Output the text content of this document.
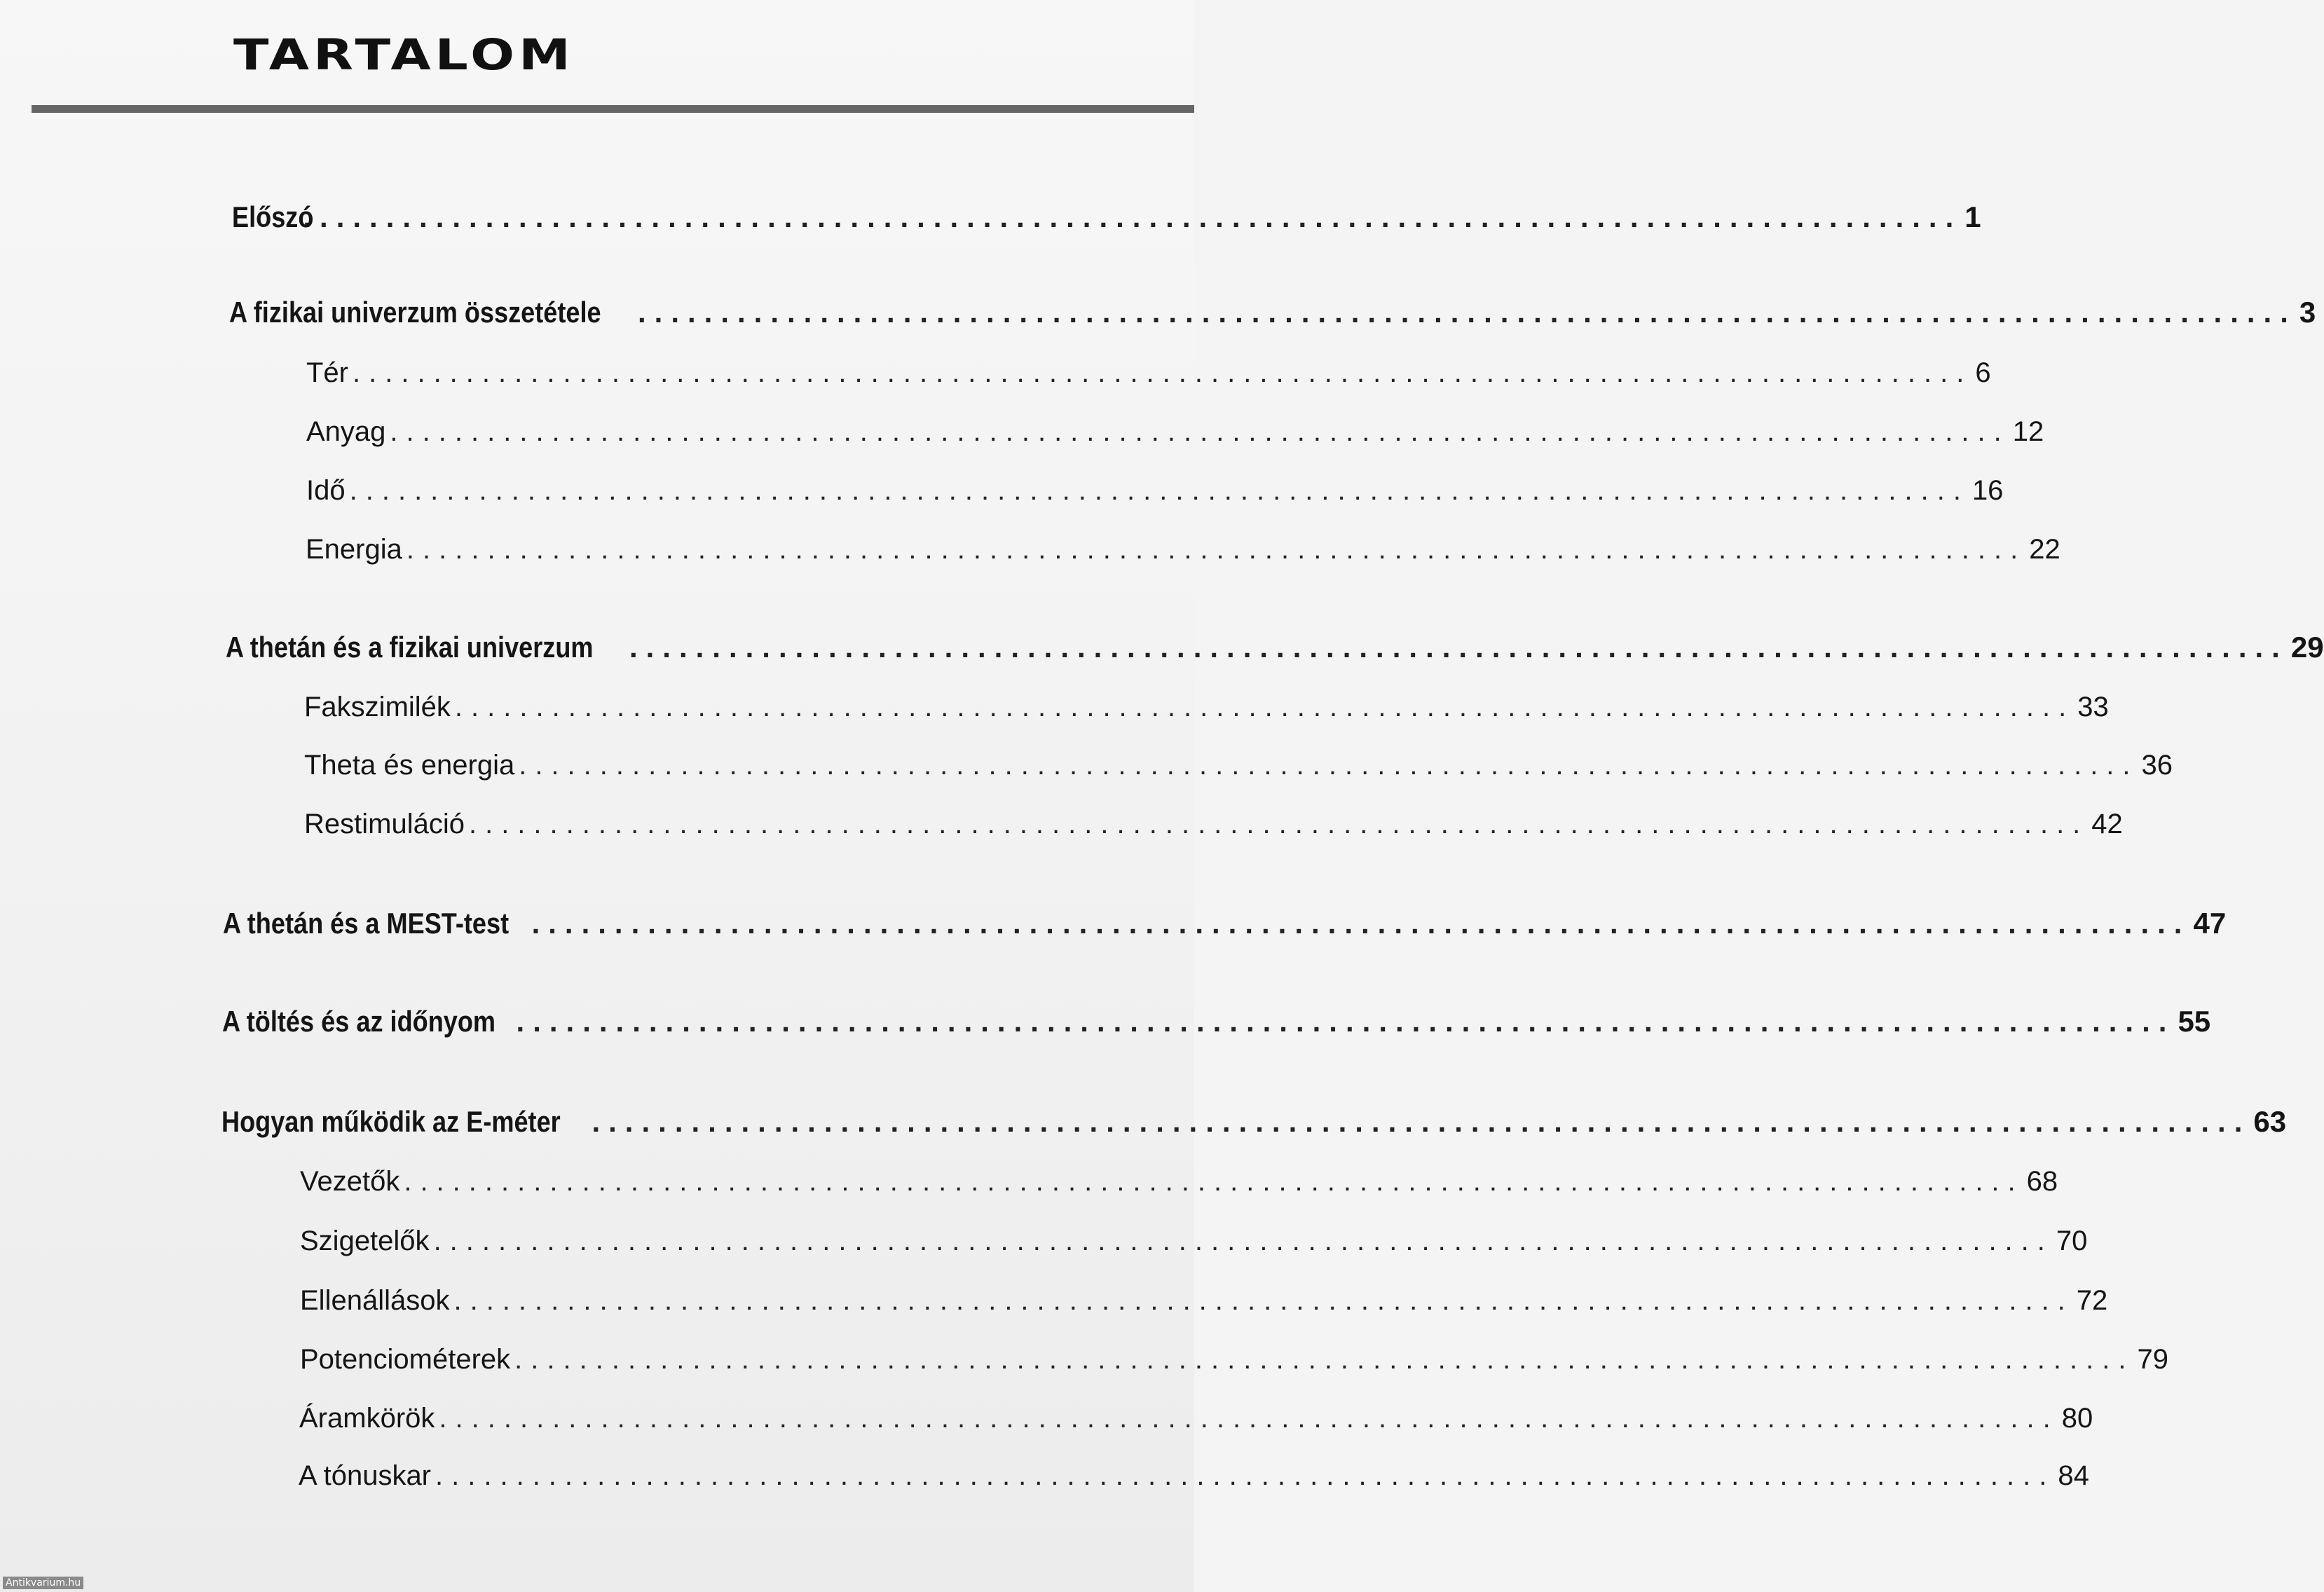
TARTALOM
Előszó
.................................................................................................... 1
A fizikai univerzum összetétele .................................................................................................... 3
Tér .................................................................................................... 6
Anyag .................................................................................................... 12
Idő .................................................................................................... 16
Energia .................................................................................................... 22
A thetán és a fizikai univerzum .................................................................................................... 29
Fakszimilék .................................................................................................... 33
Theta és energia .................................................................................................... 36
Restimuláció .................................................................................................... 42
A thetán és a MEST-test .................................................................................................... 47
A töltés és az időnyom .................................................................................................... 55
Hogyan működik az E-méter .................................................................................................... 63
Vezetők .................................................................................................... 68
Szigetelők .................................................................................................... 70
Ellenállások .................................................................................................... 72
Potenciométerek .................................................................................................... 79
Áramkörök .................................................................................................... 80
A tónuskar .................................................................................................... 84
Antikvarium.hu
